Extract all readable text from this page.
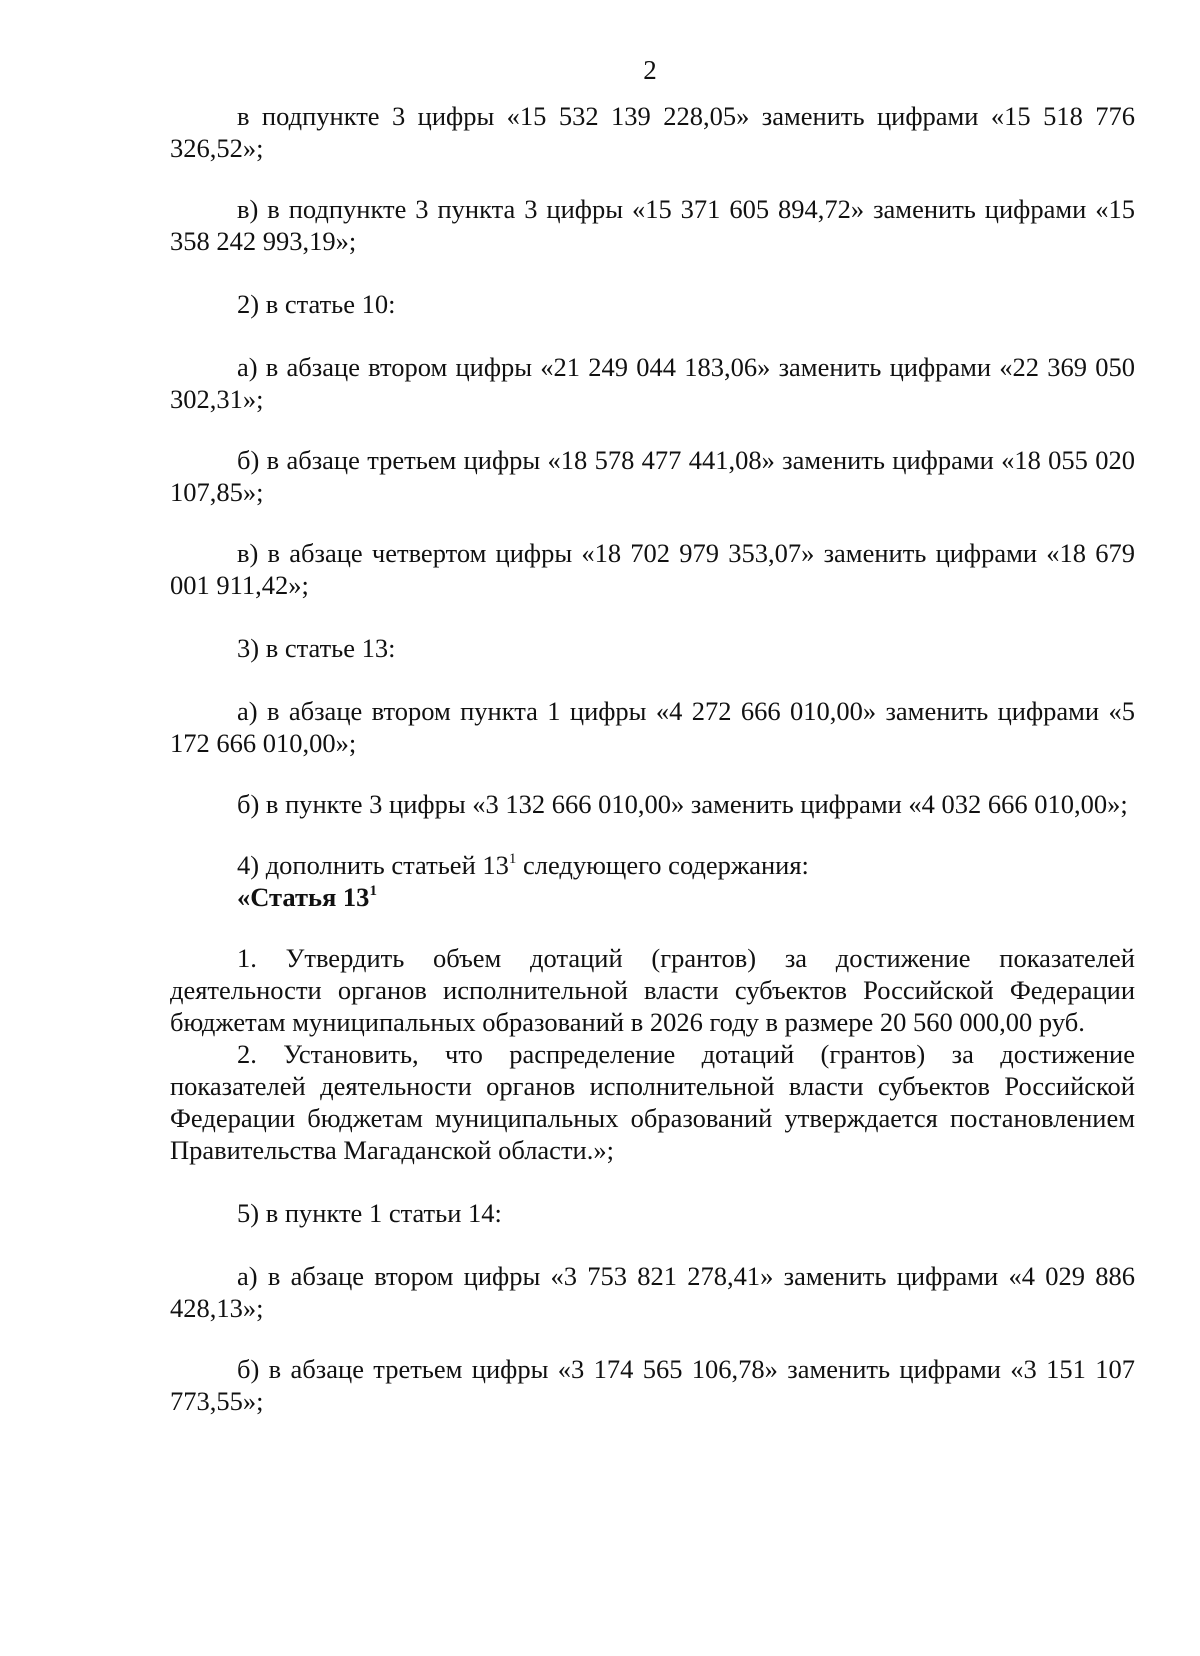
2

в подпункте 3 цифры «15 532 139 228,05» заменить цифрами «15 518 776 326,52»;

в) в подпункте 3 пункта 3 цифры «15 371 605 894,72» заменить цифрами «15 358 242 993,19»;

2) в статье 10:

а) в абзаце втором цифры «21 249 044 183,06» заменить цифрами «22 369 050 302,31»;

б) в абзаце третьем цифры «18 578 477 441,08» заменить цифрами «18 055 020 107,85»;

в) в абзаце четвертом цифры «18 702 979 353,07» заменить цифрами «18 679 001 911,42»;

3) в статье 13:

а) в абзаце втором пункта 1 цифры «4 272 666 010,00» заменить цифрами «5 172 666 010,00»;

б) в пункте 3 цифры «3 132 666 010,00» заменить цифрами «4 032 666 010,00»;

4) дополнить статьей $13^1$ следующего содержания:

«Статья $13^1$

1. Утвердить объем дотаций (грантов) за достижение показателей деятельности органов исполнительной власти субъектов Российской Федерации бюджетам муниципальных образований в 2026 году в размере 20 560 000,00 руб.

2. Установить, что распределение дотаций (грантов) за достижение показателей деятельности органов исполнительной власти субъектов Российской Федерации бюджетам муниципальных образований утверждается постановлением Правительства Магаданской области.»;

5) в пункте 1 статьи 14:

а) в абзаце втором цифры «3 753 821 278,41» заменить цифрами «4 029 886 428,13»;

б) в абзаце третьем цифры «3 174 565 106,78» заменить цифрами «3 151 107 773,55»;
